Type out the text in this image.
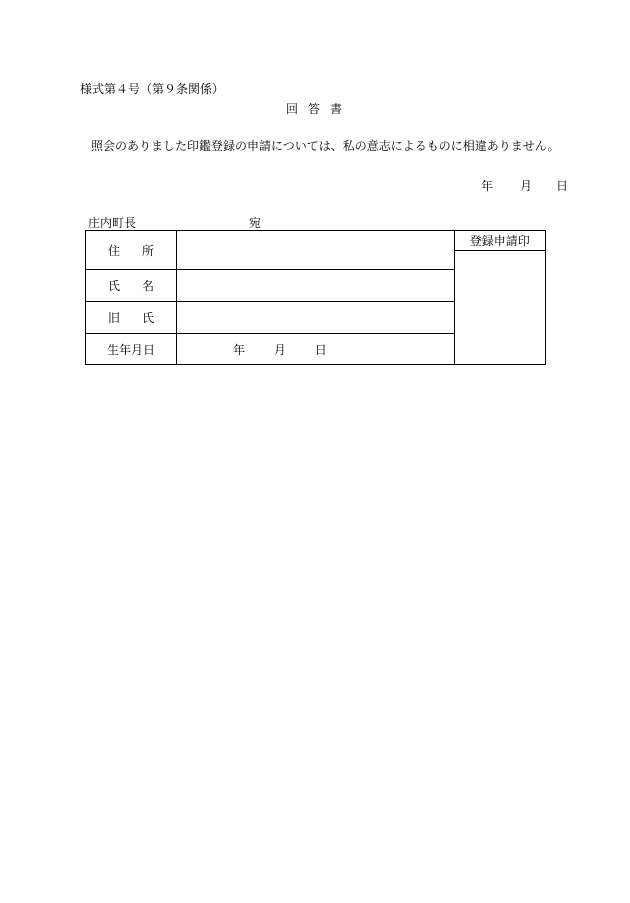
様式第４号（第９条関係）
回答書
照会のありました印鑑登録の申請については、私の意志によるものに相違ありません。
年 月 日
庄内町長	宛
住所		登録申請印

氏名		
旧氏		
生年月日	年 月 日	
